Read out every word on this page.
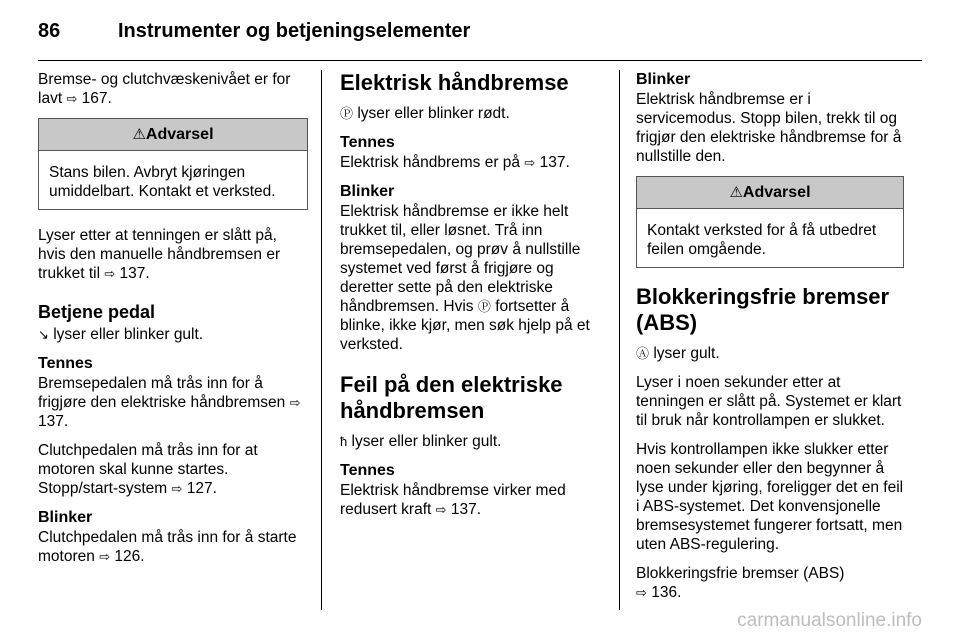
86	Instrumenter og betjeningselementer

Bremse- og clutchvæskenivået er for lavt ⇨ 167.

⚠Advarsel
Stans bilen. Avbryt kjøringen umiddelbart. Kontakt et verksted.

Lyser etter at tenningen er slått på, hvis den manuelle håndbremsen er trukket til ⇨ 137.

Betjene pedal

↘ lyser eller blinker gult.

Tennes

Bremsepedalen må trås inn for å frigjøre den elektriske håndbremsen ⇨ 137.

Clutchpedalen må trås inn for at motoren skal kunne startes. Stopp/start-system ⇨ 127.

Blinker

Clutchpedalen må trås inn for å starte motoren ⇨ 126.

Elektrisk håndbremse

Ⓟ lyser eller blinker rødt.

Tennes

Elektrisk håndbrems er på ⇨ 137.

Blinker

Elektrisk håndbremse er ikke helt trukket til, eller løsnet. Trå inn bremsepedalen, og prøv å nullstille systemet ved først å frigjøre og deretter sette på den elektriske håndbremsen. Hvis Ⓟ fortsetter å blinke, ikke kjør, men søk hjelp på et verksted.

Feil på den elektriske håndbremsen

ħ lyser eller blinker gult.

Tennes

Elektrisk håndbremse virker med redusert kraft ⇨ 137.

Blinker

Elektrisk håndbremse er i servicemodus. Stopp bilen, trekk til og frigjør den elektriske håndbremse for å nullstille den.

⚠Advarsel
Kontakt verksted for å få utbedret feilen omgående.
Blokkeringsfrie bremser (ABS)

Ⓐ lyser gult.

Lyser i noen sekunder etter at tenningen er slått på. Systemet er klart til bruk når kontrollampen er slukket.

Hvis kontrollampen ikke slukker etter noen sekunder eller den begynner å lyse under kjøring, foreligger det en feil i ABS-systemet. Det konvensjonelle bremsesystemet fungerer fortsatt, men uten ABS-regulering.

Blokkeringsfrie bremser (ABS)
⇨ 136.

carmanualsonline.info
